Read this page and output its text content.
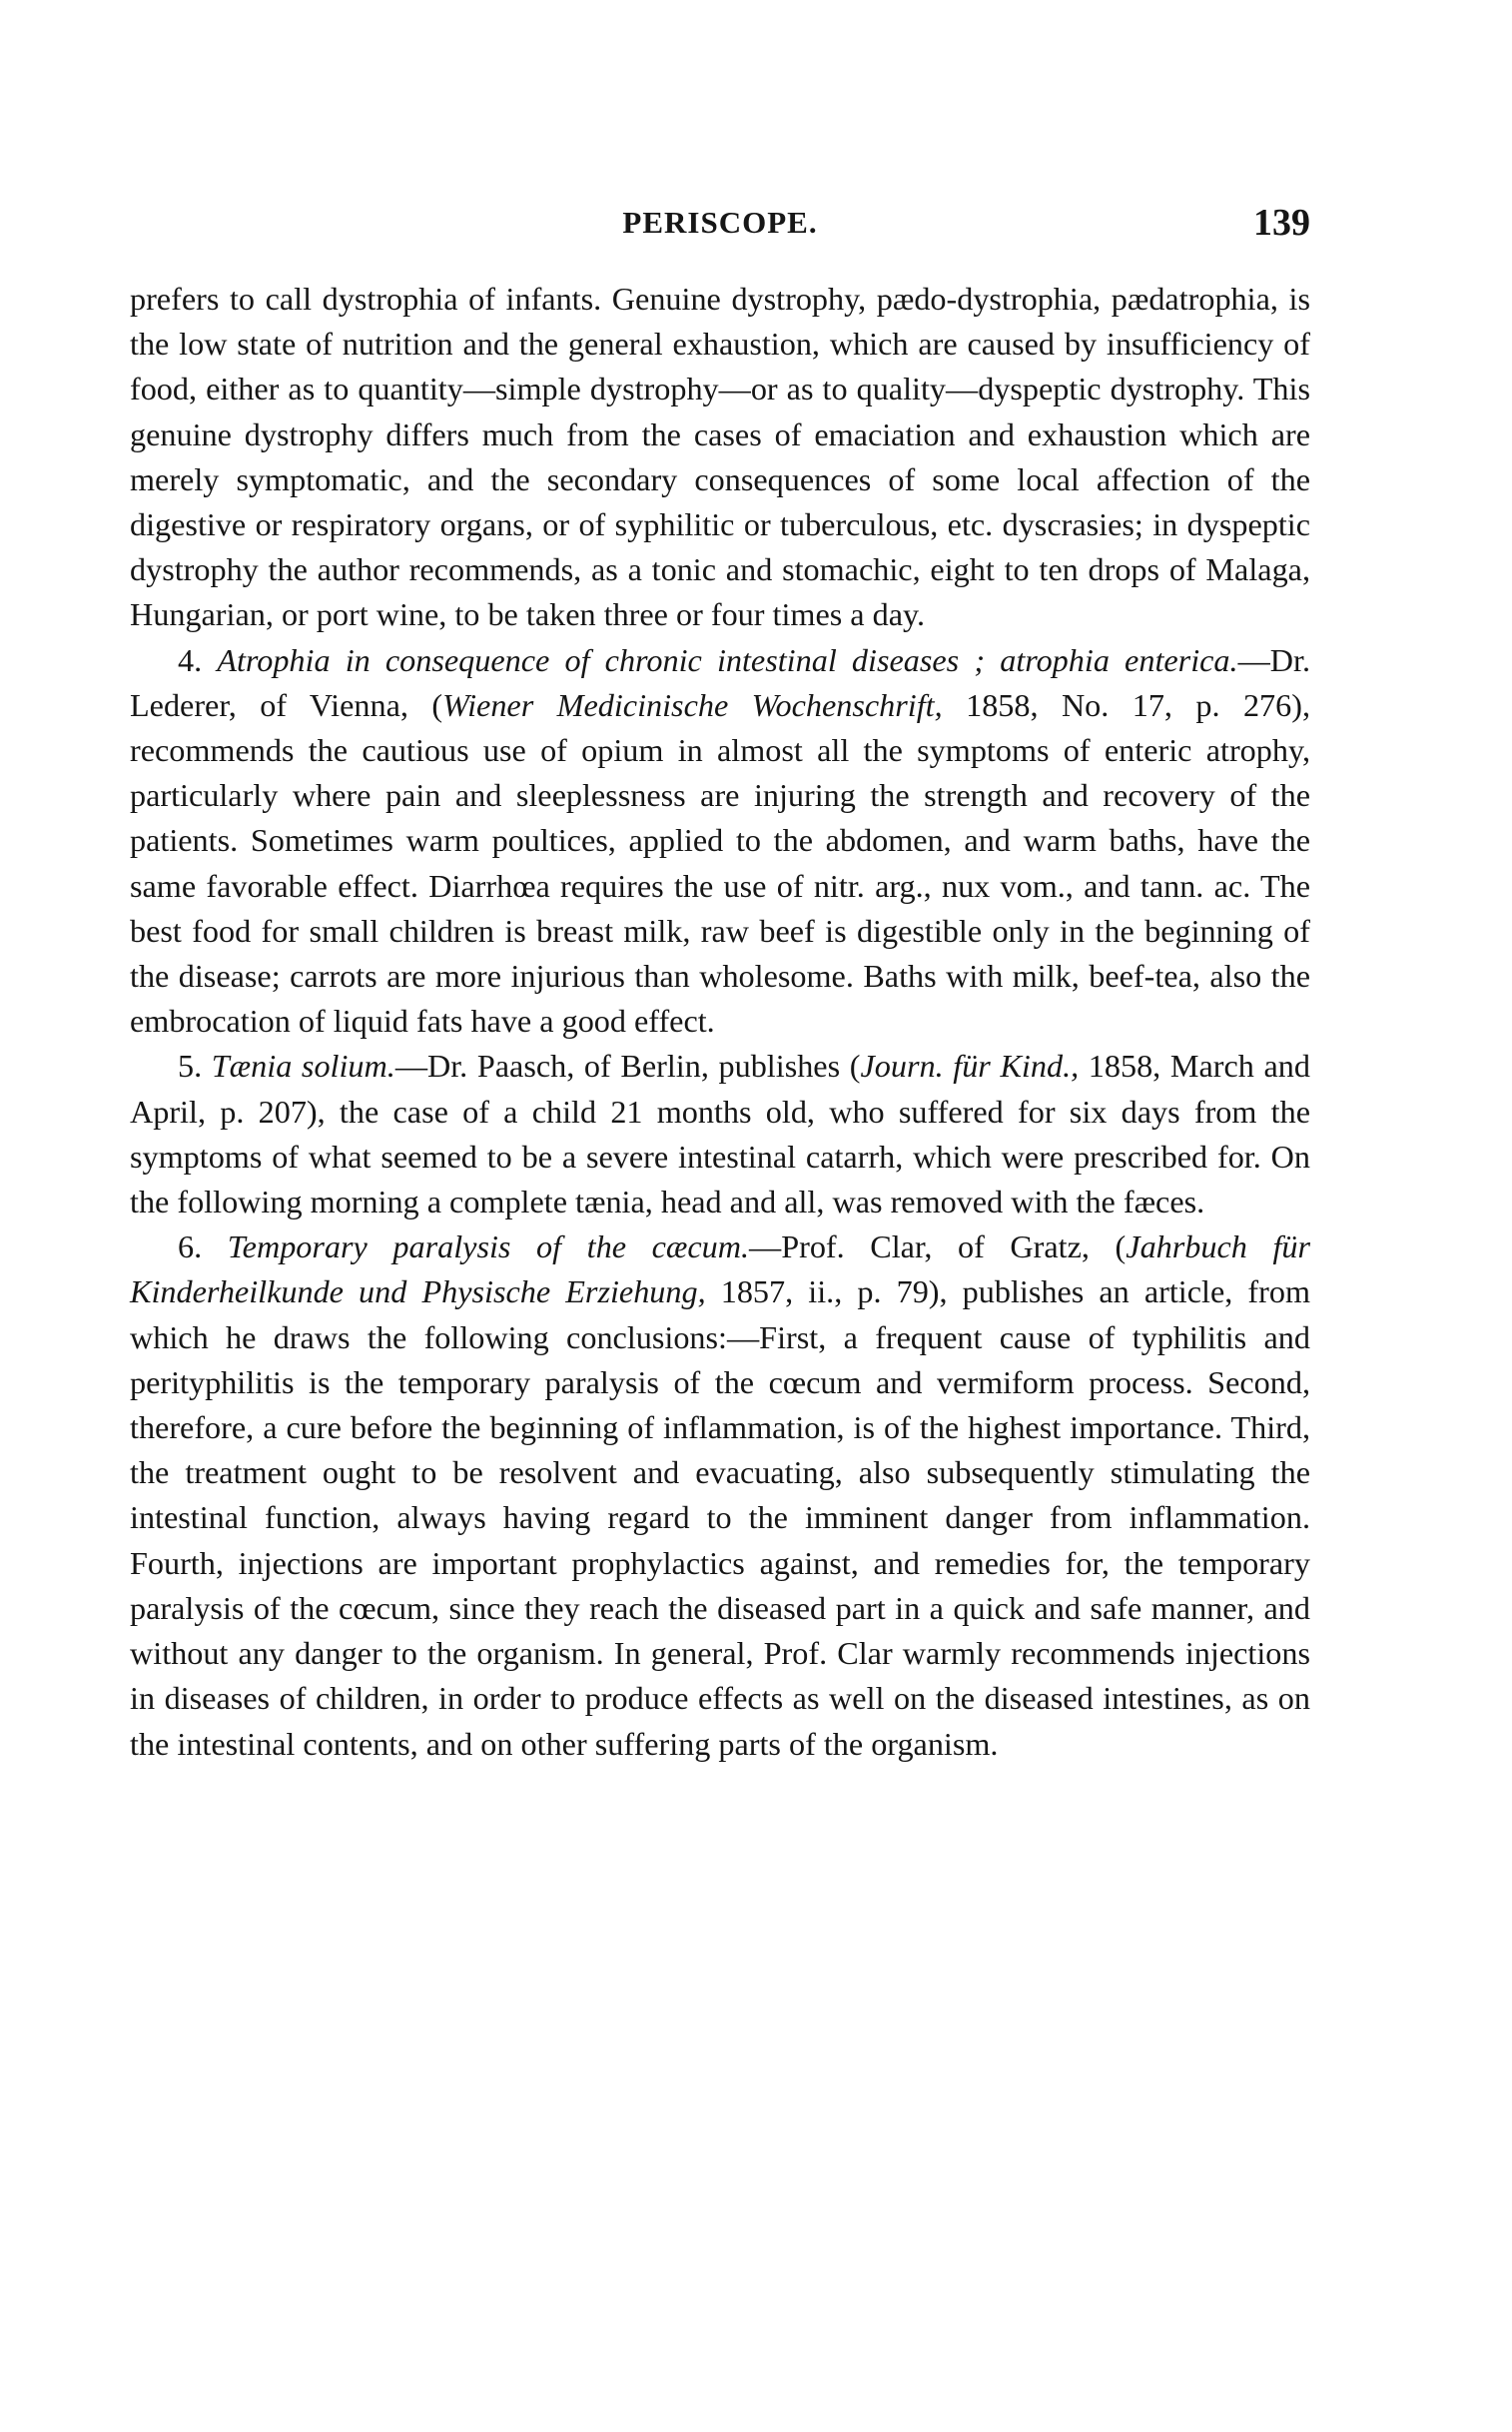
PERISCOPE.	139

prefers to call dystrophia of infants. Genuine dystrophy, pædo-dystrophia, pædatrophia, is the low state of nutrition and the general exhaustion, which are caused by insufficiency of food, either as to quantity—simple dystrophy—or as to quality—dyspeptic dystrophy. This genuine dystrophy differs much from the cases of emaciation and exhaustion which are merely symptomatic, and the secondary consequences of some local affection of the digestive or respiratory organs, or of syphilitic or tuberculous, etc. dyscrasies; in dyspeptic dystrophy the author recommends, as a tonic and stomachic, eight to ten drops of Malaga, Hungarian, or port wine, to be taken three or four times a day.

4. Atrophia in consequence of chronic intestinal diseases ; atrophia enterica.—Dr. Lederer, of Vienna, (Wiener Medicinische Wochenschrift, 1858, No. 17, p. 276), recommends the cautious use of opium in almost all the symptoms of enteric atrophy, particularly where pain and sleeplessness are injuring the strength and recovery of the patients. Sometimes warm poultices, applied to the abdomen, and warm baths, have the same favorable effect. Diarrhœa requires the use of nitr. arg., nux vom., and tann. ac. The best food for small children is breast milk, raw beef is digestible only in the beginning of the disease; carrots are more injurious than wholesome. Baths with milk, beef-tea, also the embrocation of liquid fats have a good effect.

5. Tænia solium.—Dr. Paasch, of Berlin, publishes (Journ. für Kind., 1858, March and April, p. 207), the case of a child 21 months old, who suffered for six days from the symptoms of what seemed to be a severe intestinal catarrh, which were prescribed for. On the following morning a complete tænia, head and all, was removed with the fæces.

6. Temporary paralysis of the cæcum.—Prof. Clar, of Gratz, (Jahrbuch für Kinderheilkunde und Physische Erziehung, 1857, ii., p. 79), publishes an article, from which he draws the following conclusions:—First, a frequent cause of typhilitis and perityphilitis is the temporary paralysis of the cœcum and vermiform process. Second, therefore, a cure before the beginning of inflammation, is of the highest importance. Third, the treatment ought to be resolvent and evacuating, also subsequently stimulating the intestinal function, always having regard to the imminent danger from inflammation. Fourth, injections are important prophylactics against, and remedies for, the temporary paralysis of the cœcum, since they reach the diseased part in a quick and safe manner, and without any danger to the organism. In general, Prof. Clar warmly recommends injections in diseases of children, in order to produce effects as well on the diseased intestines, as on the intestinal contents, and on other suffering parts of the organism.
